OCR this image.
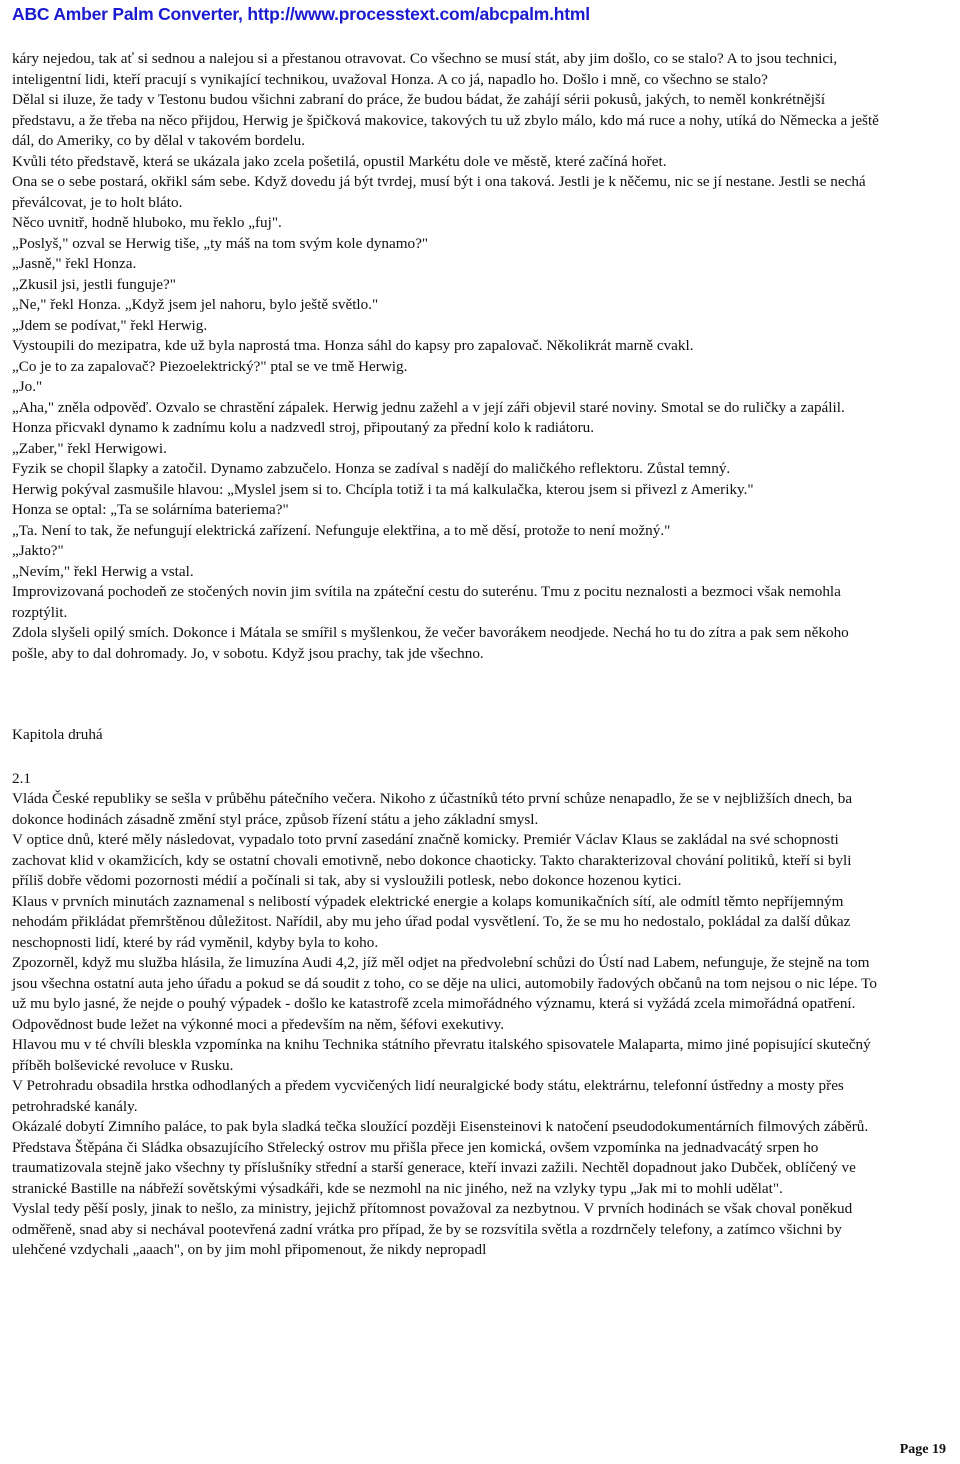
ABC Amber Palm Converter, http://www.processtext.com/abcpalm.html

káry nejedou, tak ať si sednou a nalejou si a přestanou otravovat. Co všechno se musí stát, aby jim došlo, co se stalo? A to jsou technici, inteligentní lidi, kteří pracují s vynikající technikou, uvažoval Honza. A co já, napadlo ho. Došlo i mně, co všechno se stalo?

Dělal si iluze, že tady v Testonu budou všichni zabraní do práce, že budou bádat, že zahájí sérii pokusů, jakých, to neměl konkrétnější představu, a že třeba na něco přijdou, Herwig je špičková makovice, takových tu už zbylo málo, kdo má ruce a nohy, utíká do Německa a ještě dál, do Ameriky, co by dělal v takovém bordelu.

Kvůli této představě, která se ukázala jako zcela pošetilá, opustil Markétu dole ve městě, které začíná hořet.

Ona se o sebe postará, okřikl sám sebe. Když dovedu já být tvrdej, musí být i ona taková. Jestli je k něčemu, nic se jí nestane. Jestli se nechá převálcovat, je to holt bláto.

Něco uvnitř, hodně hluboko, mu řeklo „fuj".

„Poslyš," ozval se Herwig tiše, „ty máš na tom svým kole dynamo?"

„Jasně," řekl Honza.

„Zkusil jsi, jestli funguje?"

„Ne," řekl Honza. „Když jsem jel nahoru, bylo ještě světlo."

„Jdem se podívat," řekl Herwig.

Vystoupili do mezipatra, kde už byla naprostá tma. Honza sáhl do kapsy pro zapalovač. Několikrát marně cvakl.

„Co je to za zapalovač? Piezoelektrický?" ptal se ve tmě Herwig.

„Jo."

„Aha," zněla odpověď. Ozvalo se chrastění zápalek. Herwig jednu zažehl a v její záři objevil staré noviny. Smotal se do ruličky a zapálil. Honza přicvakl dynamo k zadnímu kolu a nadzvedl stroj, připoutaný za přední kolo k radiátoru.

„Zaber," řekl Herwigowi.

Fyzik se chopil šlapky a zatočil. Dynamo zabzučelo. Honza se zadíval s nadějí do maličkého reflektoru. Zůstal temný.

Herwig pokýval zasmušile hlavou: „Myslel jsem si to. Chcípla totiž i ta má kalkulačka, kterou jsem si přivezl z Ameriky."

Honza se optal: „Ta se solárníma bateriema?"

„Ta. Není to tak, že nefungují elektrická zařízení. Nefunguje elektřina, a to mě děsí, protože to není možný."

„Jakto?"

„Nevím," řekl Herwig a vstal.

Improvizovaná pochodeň ze stočených novin jim svítila na zpáteční cestu do suterénu. Tmu z pocitu neznalosti a bezmoci však nemohla rozptýlit.

Zdola slyšeli opilý smích. Dokonce i Mátala se smířil s myšlenkou, že večer bavorákem neodjede. Nechá ho tu do zítra a pak sem někoho pošle, aby to dal dohromady. Jo, v sobotu. Když jsou prachy, tak jde všechno.

Kapitola druhá

2.1

Vláda České republiky se sešla v průběhu pátečního večera. Nikoho z účastníků této první schůze nenapadlo, že se v nejbližších dnech, ba dokonce hodinách zásadně změní styl práce, způsob řízení státu a jeho základní smysl.

V optice dnů, které měly následovat, vypadalo toto první zasedání značně komicky. Premiér Václav Klaus se zakládal na své schopnosti zachovat klid v okamžicích, kdy se ostatní chovali emotivně, nebo dokonce chaoticky. Takto charakterizoval chování politiků, kteří si byli příliš dobře vědomi pozornosti médií a počínali si tak, aby si vysloužili potlesk, nebo dokonce hozenou kytici.

Klaus v prvních minutách zaznamenal s nelibostí výpadek elektrické energie a kolaps komunikačních sítí, ale odmítl těmto nepříjemným nehodám přikládat přemrštěnou důležitost. Nařídil, aby mu jeho úřad podal vysvětlení. To, že se mu ho nedostalo, pokládal za další důkaz neschopnosti lidí, které by rád vyměnil, kdyby byla to koho.

Zpozorněl, když mu služba hlásila, že limuzína Audi 4,2, jíž měl odjet na předvolební schůzi do Ústí nad Labem, nefunguje, že stejně na tom jsou všechna ostatní auta jeho úřadu a pokud se dá soudit z toho, co se děje na ulici, automobily řadových občanů na tom nejsou o nic lépe. To už mu bylo jasné, že nejde o pouhý výpadek - došlo ke katastrofě zcela mimořádného významu, která si vyžádá zcela mimořádná opatření. Odpovědnost bude ležet na výkonné moci a především na něm, šéfovi exekutivy.

Hlavou mu v té chvíli bleskla vzpomínka na knihu Technika státního převratu italského spisovatele Malaparta, mimo jiné popisující skutečný příběh bolševické revoluce v Rusku.

V Petrohradu obsadila hrstka odhodlaných a předem vycvičených lidí neuralgické body státu, elektrárnu, telefonní ústředny a mosty přes petrohradské kanály.

Okázalé dobytí Zimního paláce, to pak byla sladká tečka sloužící později Eisensteinovi k natočení pseudodokumentárních filmových záběrů.

Představa Štěpána či Sládka obsazujícího Střelecký ostrov mu přišla přece jen komická, ovšem vzpomínka na jednadvacátý srpen ho traumatizovala stejně jako všechny ty příslušníky střední a starší generace, kteří invazi zažili. Nechtěl dopadnout jako Dubček, oblíčený ve stranické Bastille na nábřeží sovětskými výsadkáři, kde se nezmohl na nic jiného, než na vzlyky typu „Jak mi to mohli udělat".

Vyslal tedy pěší posly, jinak to nešlo, za ministry, jejichž přítomnost považoval za nezbytnou. V prvních hodinách se však choval poněkud odměřeně, snad aby si nechával pootevřená zadní vrátka pro případ, že by se rozsvítila světla a rozdrnčely telefony, a zatímco všichni by ulehčené vzdychali „aaach", on by jim mohl připomenout, že nikdy nepropadl

Page 19
